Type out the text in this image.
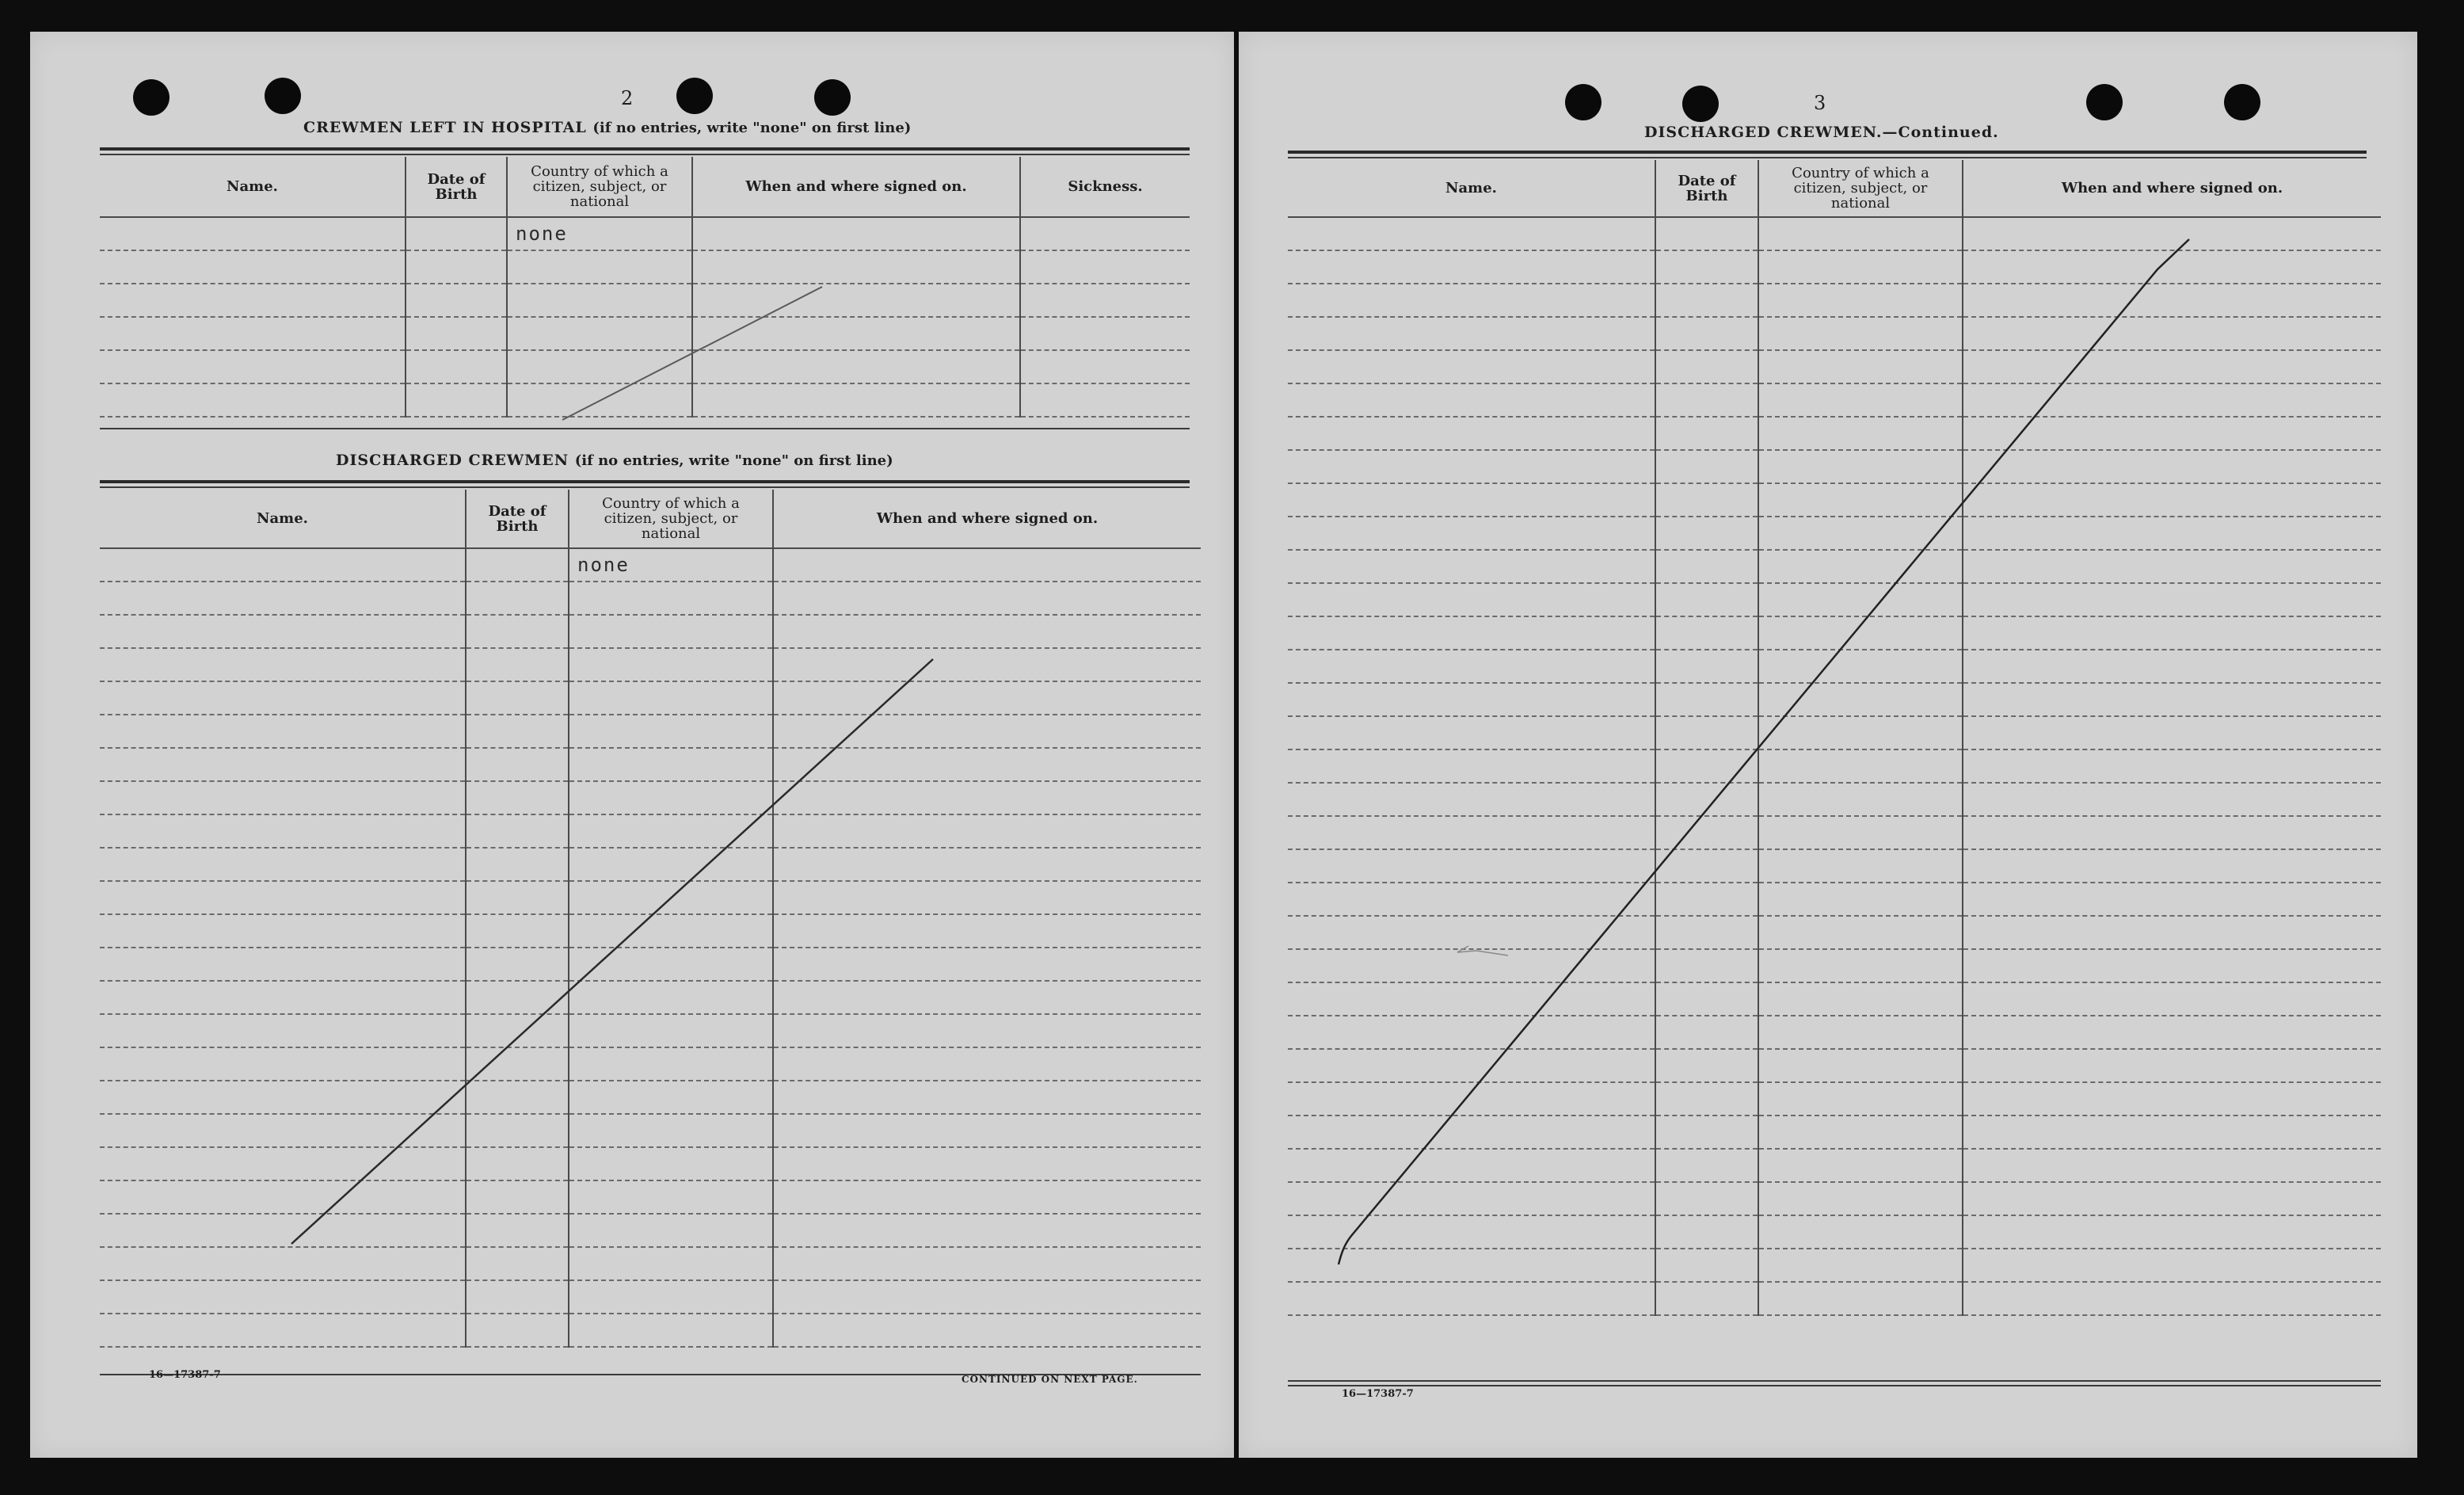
2
CREWMEN LEFT IN HOSPITAL (if no entries, write "none" on first line)
Name.	Date of Birth	Country of which a citizen, subject, or national	When and where signed on.	Sickness.
		none		

DISCHARGED CREWMEN (if no entries, write "none" on first line)
Name.	Date of Birth	Country of which a citizen, subject, or national	When and where signed on.
		none	

16—17387-7	CONTINUED ON NEXT PAGE.
3
DISCHARGED CREWMEN.—Continued.
Name.	Date of Birth	Country of which a citizen, subject, or national	When and where signed on.

16—17387-7
